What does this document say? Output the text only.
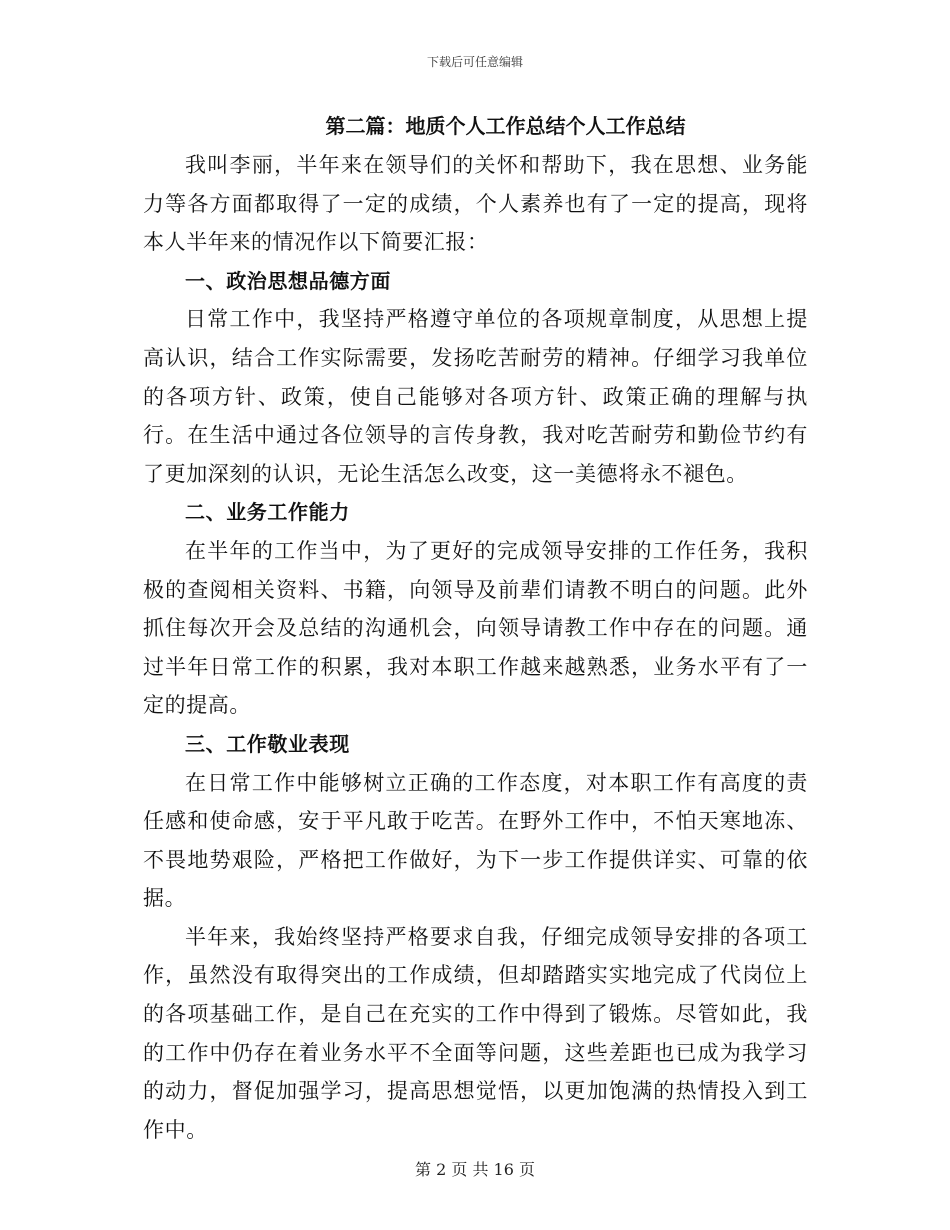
下载后可任意编辑
第二篇：地质个人工作总结个人工作总结

我叫李丽，半年来在领导们的关怀和帮助下，我在思想、业务能力等各方面都取得了一定的成绩，个人素养也有了一定的提高，现将本人半年来的情况作以下简要汇报：

一、政治思想品德方面

日常工作中，我坚持严格遵守单位的各项规章制度，从思想上提高认识，结合工作实际需要，发扬吃苦耐劳的精神。仔细学习我单位的各项方针、政策，使自己能够对各项方针、政策正确的理解与执行。在生活中通过各位领导的言传身教，我对吃苦耐劳和勤俭节约有了更加深刻的认识，无论生活怎么改变，这一美德将永不褪色。

二、业务工作能力

在半年的工作当中，为了更好的完成领导安排的工作任务，我积极的查阅相关资料、书籍，向领导及前辈们请教不明白的问题。此外抓住每次开会及总结的沟通机会，向领导请教工作中存在的问题。通过半年日常工作的积累，我对本职工作越来越熟悉，业务水平有了一定的提高。

三、工作敬业表现

在日常工作中能够树立正确的工作态度，对本职工作有高度的责任感和使命感，安于平凡敢于吃苦。在野外工作中，不怕天寒地冻、不畏地势艰险，严格把工作做好，为下一步工作提供详实、可靠的依据。

半年来，我始终坚持严格要求自我，仔细完成领导安排的各项工作，虽然没有取得突出的工作成绩，但却踏踏实实地完成了代岗位上的各项基础工作，是自己在充实的工作中得到了锻炼。尽管如此，我的工作中仍存在着业务水平不全面等问题，这些差距也已成为我学习的动力，督促加强学习，提高思想觉悟，以更加饱满的热情投入到工作中。

第 2 页 共 16 页
